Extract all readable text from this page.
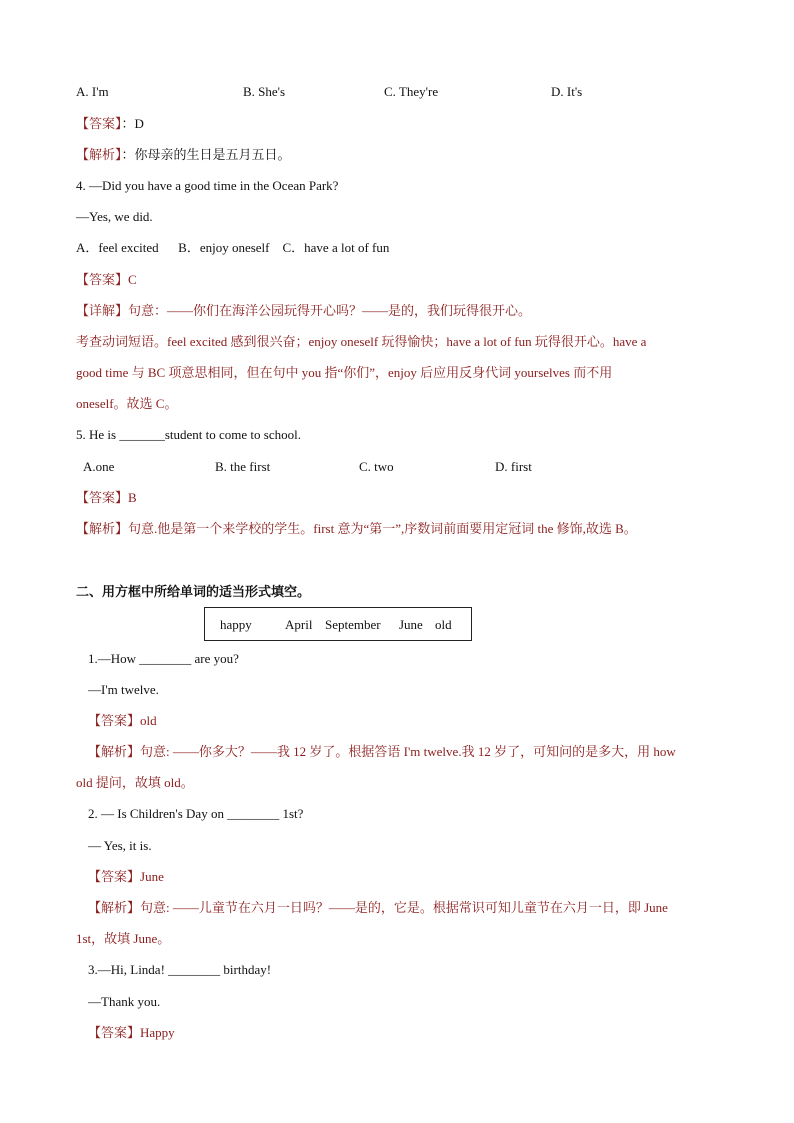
A. I'm	B. She's	C. They're	D. It's
【答案】：D
【解析】：你母亲的生日是五月五日。
4. —Did you have a good time in the Ocean Park?
—Yes, we did.
A．feel excited      B．enjoy oneself    C．have a lot of fun
【答案】C
【详解】句意：——你们在海洋公园玩得开心吗？——是的，我们玩得很开心。
考查动词短语。feel excited 感到很兴奋；enjoy oneself 玩得愉快；have a lot of fun 玩得很开心。have a
good time 与 BC 项意思相同，但在句中 you 指“你们”，enjoy 后应用反身代词 yourselves 而不用
oneself。故选 C。
5. He is _______student to come to school.
A.one	B. the first	C. two	D. first
【答案】B
【解析】句意.他是第一个来学校的学生。first 意为“第一”,序数词前面要用定冠词 the 修饰,故选 B。
二、用方框中所给单词的适当形式填空。
happy	April September June old
1.—How ________ are you?
—I'm twelve.
【答案】old
【解析】句意: ——你多大？——我 12 岁了。根据答语 I'm twelve.我 12 岁了，可知问的是多大，用 how
old 提问，故填 old。
2. — Is Children's Day on ________ 1st?
— Yes, it is.
【答案】June
【解析】句意: ——儿童节在六月一日吗？——是的，它是。根据常识可知儿童节在六月一日，即 June
1st，故填 June。
3.—Hi, Linda! ________ birthday!
—Thank you.
【答案】Happy
